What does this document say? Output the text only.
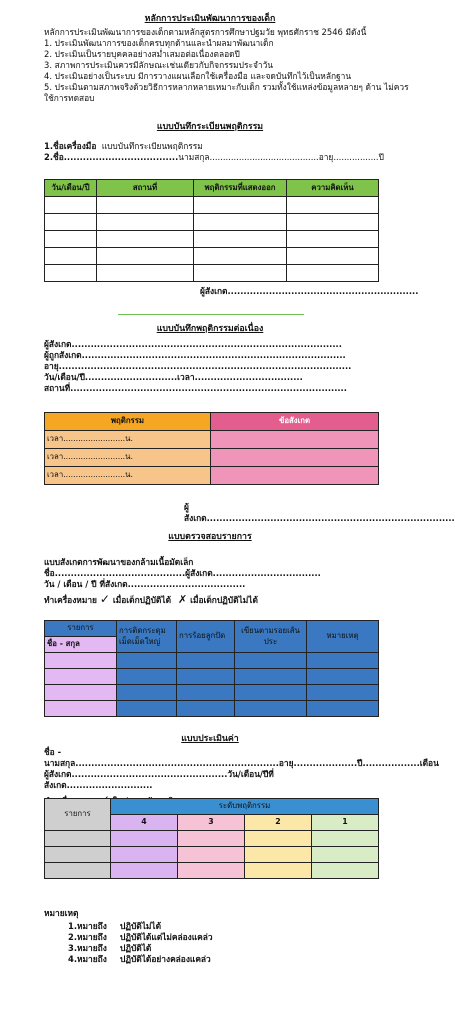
หลักการประเมินพัฒนาการของเด็ก

หลักการประเมินพัฒนาการของเด็กตามหลักสูตรการศึกษาปฐมวัย พุทธศักราช 2546 มีดังนี้

1. ประเมินพัฒนาการของเด็กครบทุกด้านและนำผลมาพัฒนาเด็ก

2. ประเมินเป็นรายบุคคลอย่างสม่ำเสมอต่อเนื่องตลอดปี

3. สภาพการประเมินควรมีลักษณะเช่นเดียวกับกิจกรรมประจำวัน

4. ประเมินอย่างเป็นระบบ มีการวางแผนเลือกใช้เครื่องมือ และจดบันทึกไว้เป็นหลักฐาน

5. ประเมินตามสภาพจริงด้วยวิธีการหลากหลายเหมาะกับเด็ก รวมทั้งใช้แหล่งข้อมูลหลายๆ ด้าน ไม่ควรใช้การทดสอบ

แบบบันทึกระเบียนพฤติกรรม

1.ชื่อเครื่องมือ แบบบันทึกระเบียนพฤติกรรม

2.ชื่อ....................................นามสกุล.........................................อายุ.................ปี

วัน/เดือน/ปี	สถานที่	พฤติกรรมที่แสดงออก	ความคิดเห็น

ผู้สังเกต............................................................

แบบบันทึกพฤติกรรมต่อเนื่อง

ผู้สังเกต.....................................................................................

ผู้ถูกสังเกต...................................................................................

อายุ............................................................................................

วัน/เดือน/ปี.............................เวลา..................................

สถานที่.......................................................................................

พฤติกรรม	ข้อสังเกต
เวลา.........................น.	
เวลา.........................น.	
เวลา.........................น.	

ผู้สังเกต..............................................................................

แบบตรวจสอบรายการ

แบบสังเกตการพัฒนาของกล้ามเนื้อมัดเล็ก

ชื่อ.........................................ผู้สังเกต..................................

วัน / เดือน / ปี ที่สังเกต.....................................

ทำเครื่องหมาย ✓ เมื่อเด็กปฏิบัติได้ ✗ เมื่อเด็กปฏิบัติไม่ได้

รายการ	การติดกระดุมเม็ดเม็ดใหญ่	การร้อยลูกปัด	เขียนตามรอยเส้นประ	หมายเหตุ
ชื่อ - สกุล				

แบบประเมินค่า

ชื่อ - นามสกุล................................................................อายุ....................ปี..................เดือน

ผู้สังเกต.................................................วัน/เดือน/ปีที่สังเกต...........................

รายการ	ระดับพฤติกรรม			
	4	3	2	1

หมายเหตุ

1.หมายถึง ปฏิบัติไม่ได้

2.หมายถึง ปฏิบัติได้แต่ไม่คล่องแคล่ว

3.หมายถึง ปฏิบัติได้

4.หมายถึง ปฏิบัติได้อย่างคล่องแคล่ว
